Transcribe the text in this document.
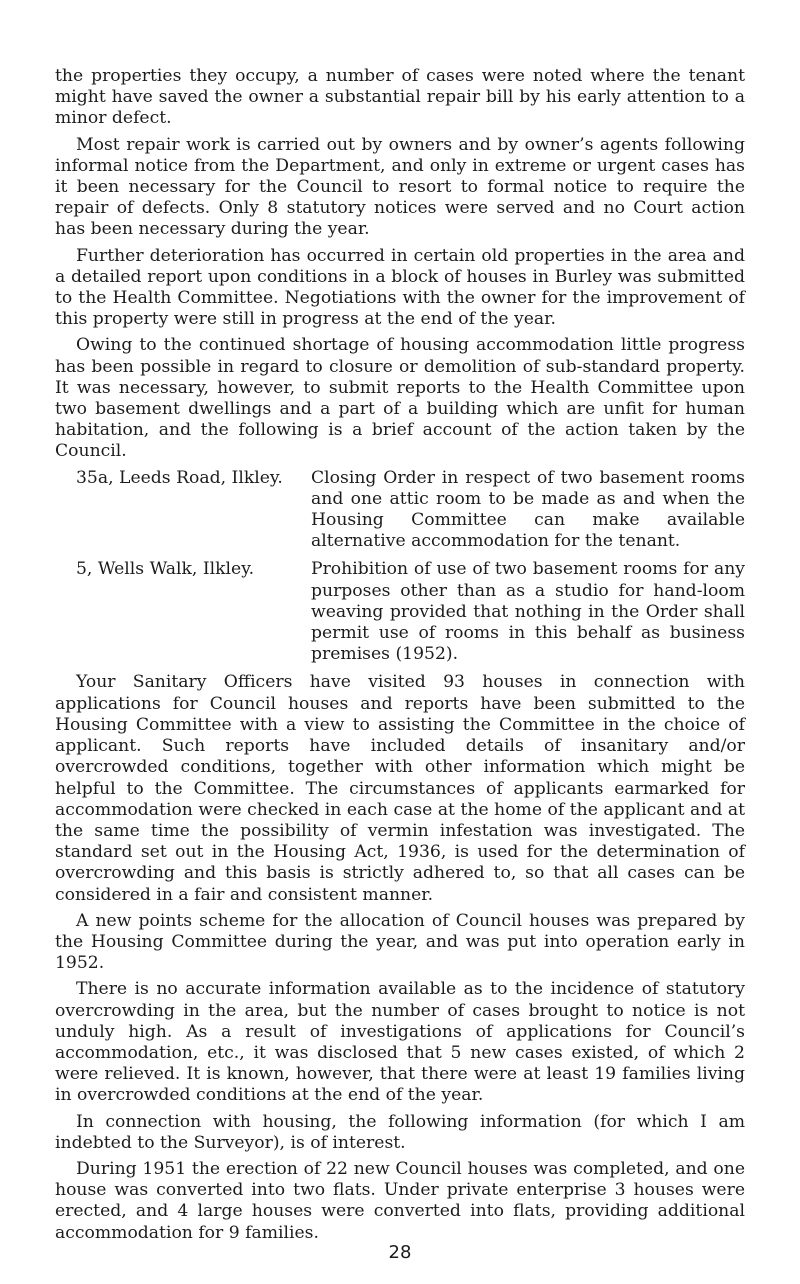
the properties they occupy, a number of cases were noted where the tenant might have saved the owner a substantial repair bill by his early attention to a minor defect.

Most repair work is carried out by owners and by owner’s agents following informal notice from the Department, and only in extreme or urgent cases has it been necessary for the Council to resort to formal notice to require the repair of defects. Only 8 statutory notices were served and no Court action has been necessary during the year.

Further deterioration has occurred in certain old properties in the area and a detailed report upon conditions in a block of houses in Burley was submitted to the Health Committee. Negotiations with the owner for the improvement of this property were still in progress at the end of the year.

Owing to the continued shortage of housing accommodation little progress has been possible in regard to closure or demolition of sub-standard property. It was necessary, however, to submit reports to the Health Committee upon two basement dwellings and a part of a building which are unfit for human habitation, and the following is a brief account of the action taken by the Council.

35a, Leeds Road, Ilkley.	Closing Order in respect of two basement rooms and one attic room to be made as and when the Housing Committee can make available alternative accommodation for the tenant.
5, Wells Walk, Ilkley.	Prohibition of use of two basement rooms for any purposes other than as a studio for hand-loom weaving provided that nothing in the Order shall permit use of rooms in this behalf as business premises (1952).

Your Sanitary Officers have visited 93 houses in connection with applications for Council houses and reports have been submitted to the Housing Committee with a view to assisting the Committee in the choice of applicant. Such reports have included details of insanitary and/or overcrowded conditions, together with other information which might be helpful to the Committee. The circumstances of applicants earmarked for accommodation were checked in each case at the home of the applicant and at the same time the possibility of vermin infestation was investigated. The standard set out in the Housing Act, 1936, is used for the determination of overcrowding and this basis is strictly adhered to, so that all cases can be considered in a fair and consistent manner.

A new points scheme for the allocation of Council houses was prepared by the Housing Committee during the year, and was put into operation early in 1952.

There is no accurate information available as to the incidence of statutory overcrowding in the area, but the number of cases brought to notice is not unduly high. As a result of investigations of applications for Council’s accommodation, etc., it was disclosed that 5 new cases existed, of which 2 were relieved. It is known, however, that there were at least 19 families living in overcrowded conditions at the end of the year.

In connection with housing, the following information (for which I am indebted to the Surveyor), is of interest.

During 1951 the erection of 22 new Council houses was completed, and one house was converted into two flats. Under private enterprise 3 houses were erected, and 4 large houses were converted into flats, providing additional accommodation for 9 families.

28
